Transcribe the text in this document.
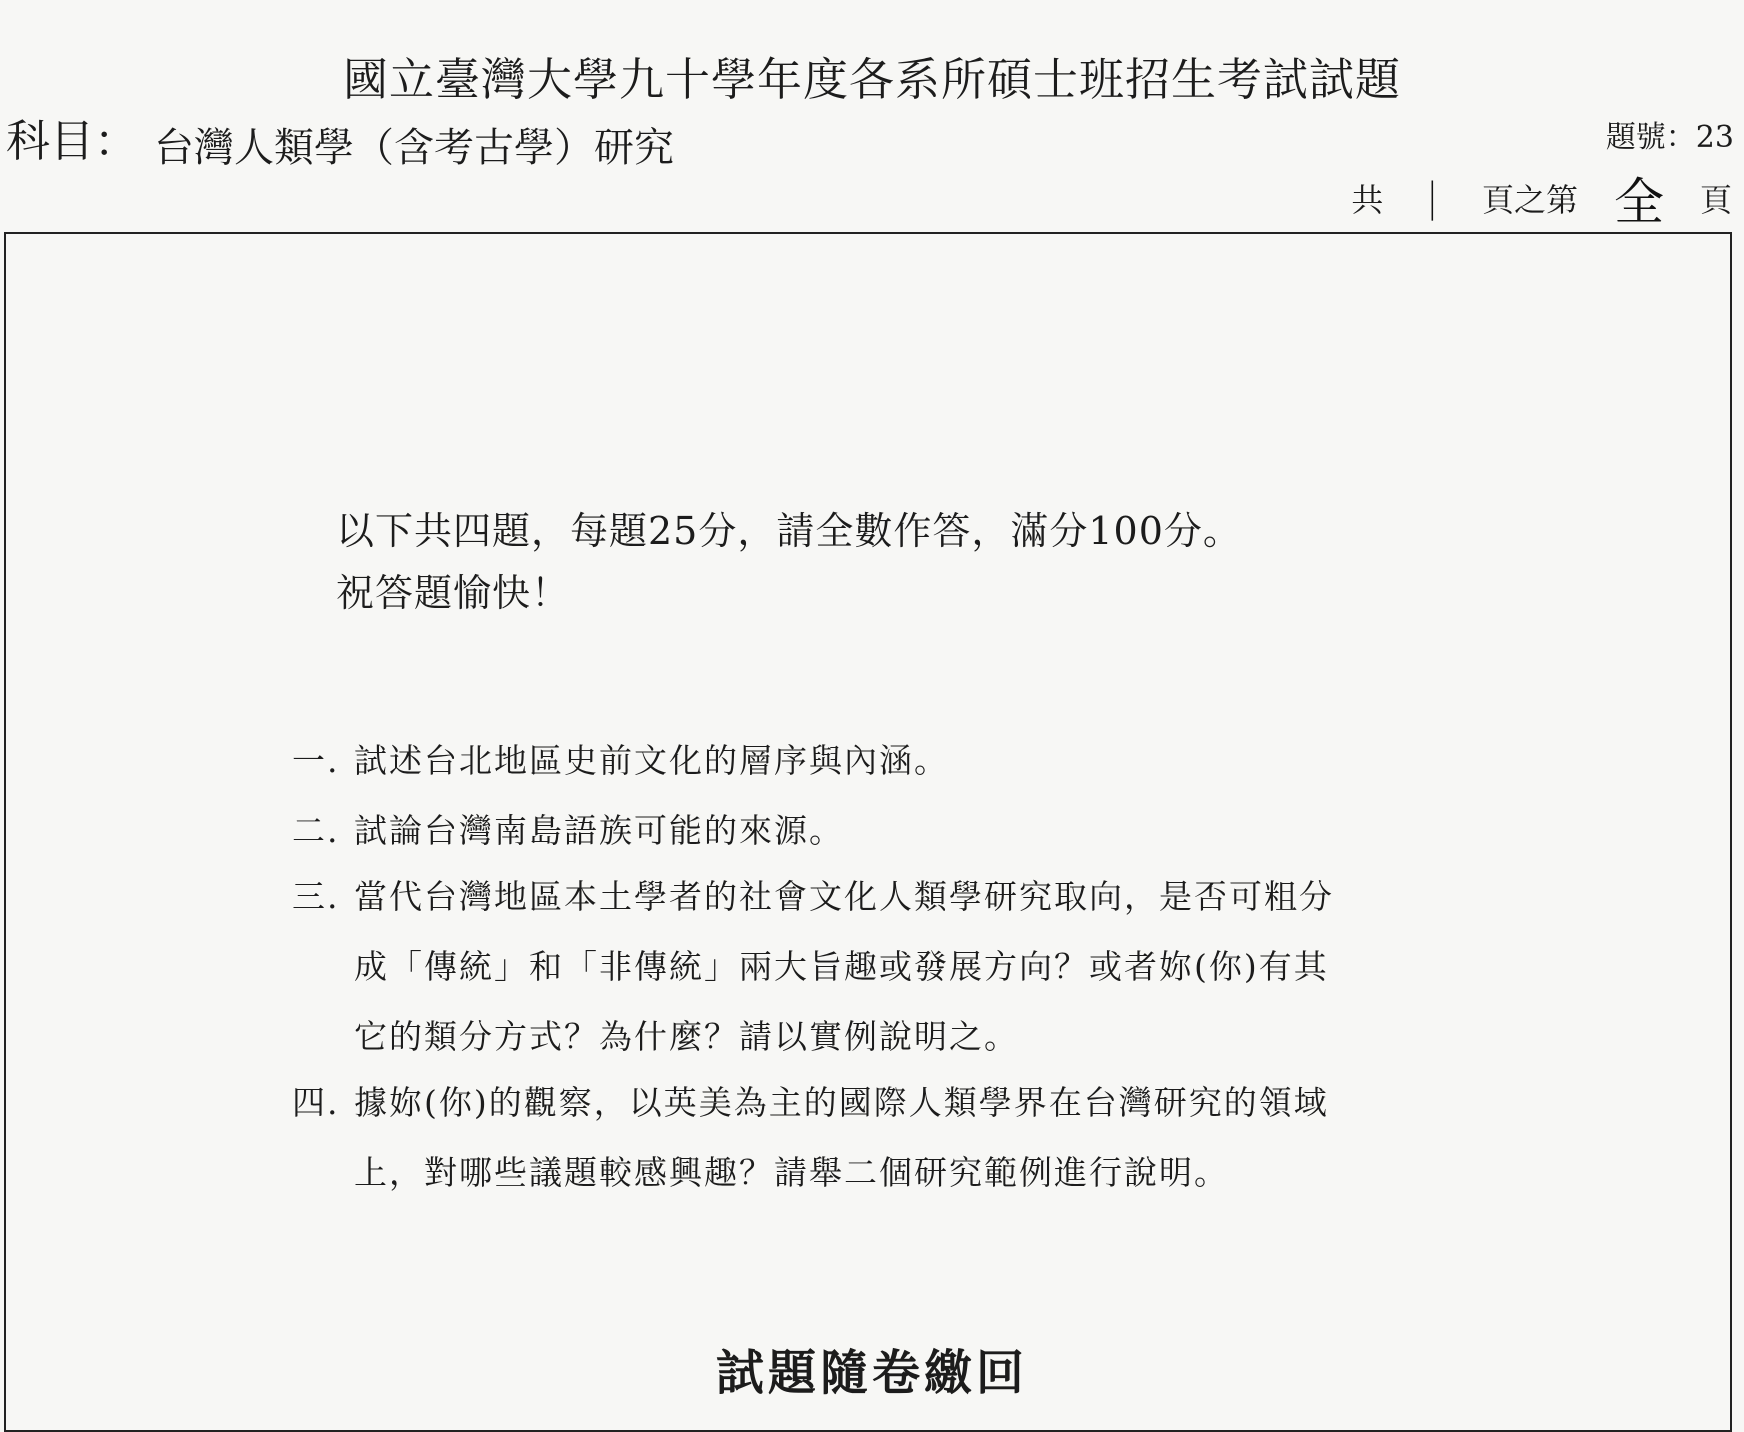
國立臺灣大學九十學年度各系所碩士班招生考試試題
科目： 台灣人類學（含考古學）研究	題號：23
共 | 頁之第 全 頁
以下共四題，每題25分，請全數作答，滿分100分。
祝答題愉快！
一. 試述台北地區史前文化的層序與內涵。
二. 試論台灣南島語族可能的來源。
三. 當代台灣地區本土學者的社會文化人類學研究取向，是否可粗分
成「傳統」和「非傳統」兩大旨趣或發展方向？或者妳(你)有其
它的類分方式？為什麼？請以實例說明之。
四. 據妳(你)的觀察，以英美為主的國際人類學界在台灣研究的領域
上，對哪些議題較感興趣？請舉二個研究範例進行說明。
試題隨卷繳回
